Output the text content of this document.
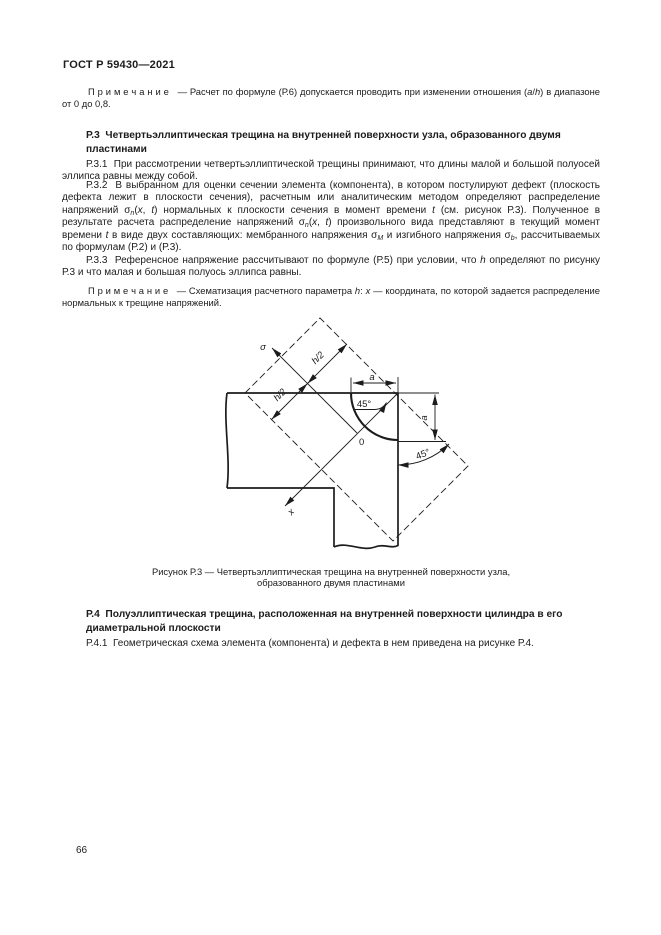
ГОСТ Р 59430—2021
П р и м е ч а н и е   — Расчет по формуле (Р.6) допускается проводить при изменении отношения (a/h) в диапазоне от 0 до 0,8.
Р.3  Четвертьэллиптическая трещина на внутренней поверхности узла, образованного двумя пластинами
Р.3.1  При рассмотрении четвертьэллиптической трещины принимают, что длины малой и большой полуосей эллипса равны между собой.
Р.3.2  В выбранном для оценки сечении элемента (компонента), в котором постулируют дефект (плоскость дефекта лежит в плоскости сечения), расчетным или аналитическим методом определяют распределение напряжений $\sigma_n(x$, t) нормальных к плоскости сечения в момент времени t (см. рисунок Р.3). Полученное в результате расчета распределение напряжений $\sigma_n(x$, t) произвольного вида представляют в текущий момент времени t в виде двух составляющих: мембранного напряжения $\sigma_M$ и изгибного напряжения $\sigma_b$, рассчитываемых по формулам (Р.2) и (Р.3).
Р.3.3  Референсное напряжение рассчитывают по формуле (Р.5) при условии, что h определяют по рисунку Р.3 и что малая и большая полуось эллипса равны.
П р и м е ч а н и е   — Схематизация расчетного параметра h: x — координата, по которой задается распределение нормальных к трещине напряжений.
a
a
h/2
h/2
45°
45°
σ
x
0
Рисунок Р.3 — Четвертьэллиптическая трещина на внутренней поверхности узла,
образованного двумя пластинами
Р.4  Полуэллиптическая трещина, расположенная на внутренней поверхности цилиндра в его диаметральной плоскости
Р.4.1  Геометрическая схема элемента (компонента) и дефекта в нем приведена на рисунке Р.4.
66
